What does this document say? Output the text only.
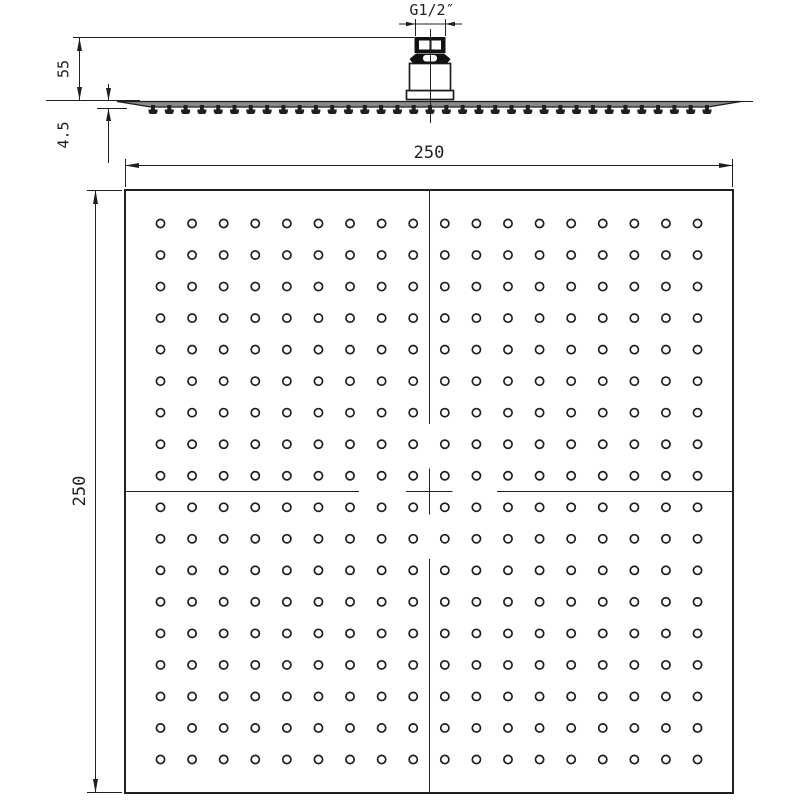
G1/2″
55
4.5
250
250
